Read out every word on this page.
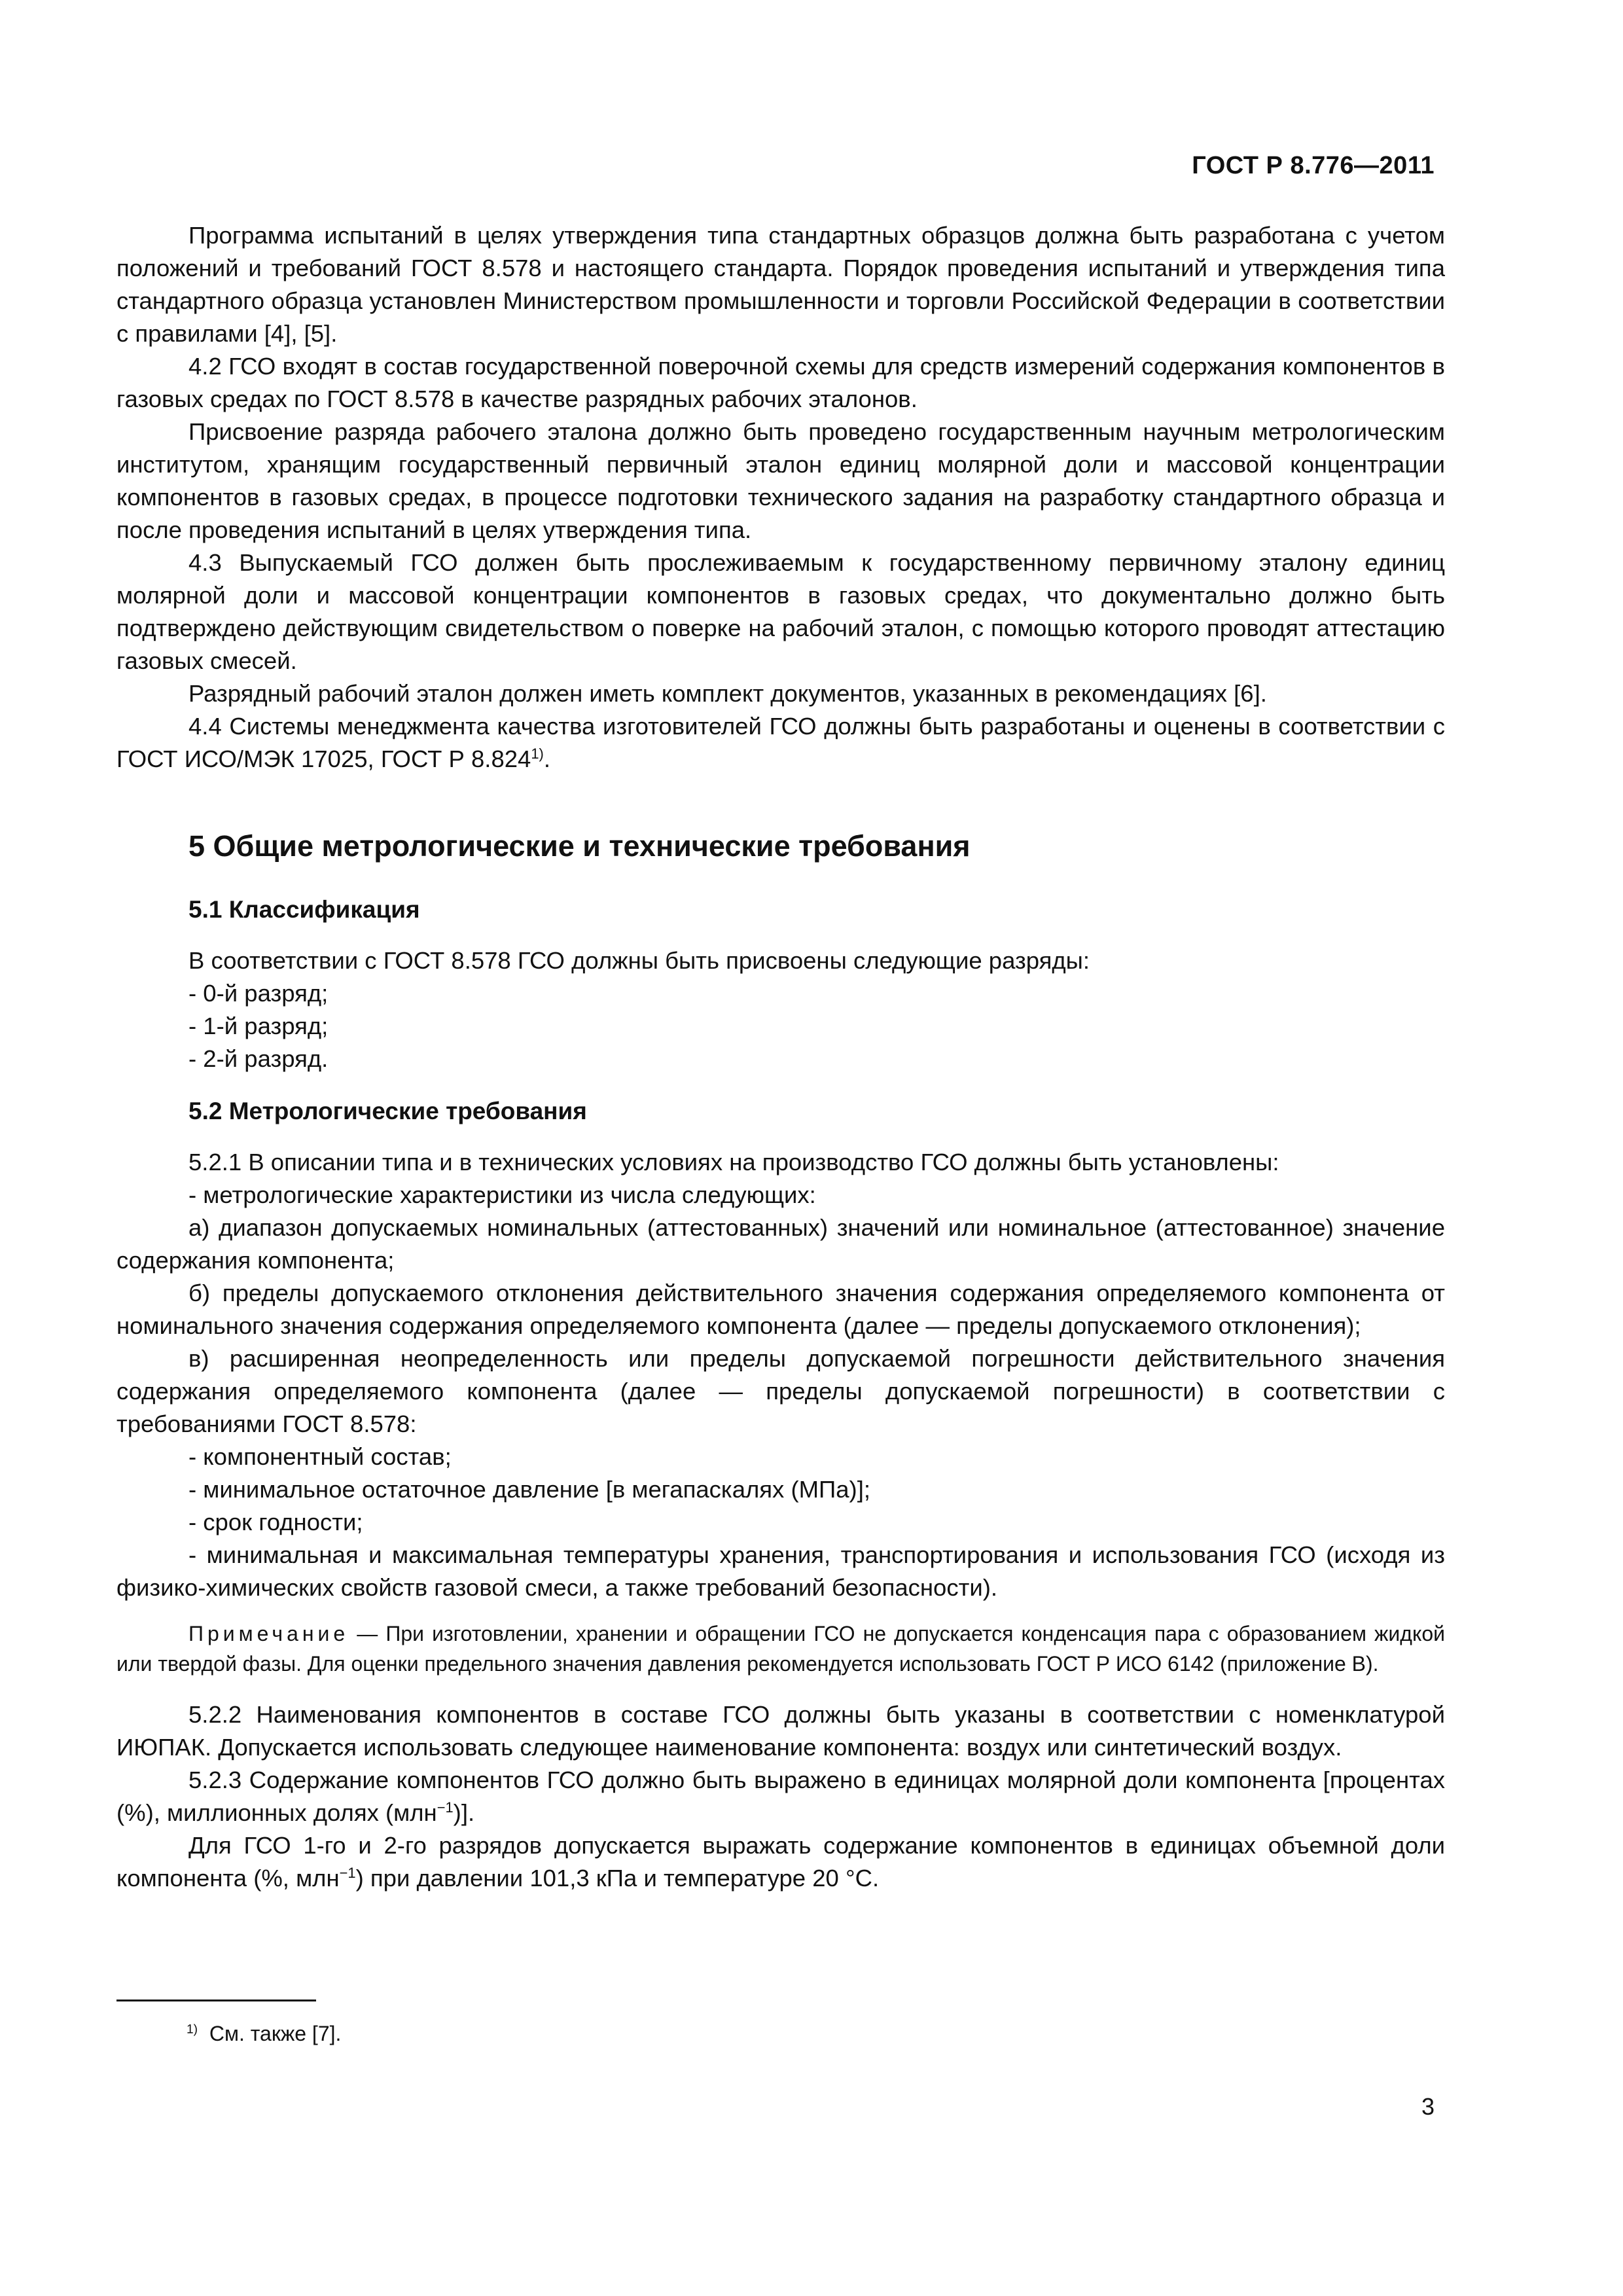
ГОСТ Р 8.776—2011

Программа испытаний в целях утверждения типа стандартных образцов должна быть разработана с учетом положений и требований ГОСТ 8.578 и настоящего стандарта. Порядок проведения испытаний и утверждения типа стандартного образца установлен Министерством промышленности и торговли Российской Федерации в соответствии с правилами [4], [5].

4.2 ГСО входят в состав государственной поверочной схемы для средств измерений содержания компонентов в газовых средах по ГОСТ 8.578 в качестве разрядных рабочих эталонов.

Присвоение разряда рабочего эталона должно быть проведено государственным научным метрологическим институтом, хранящим государственный первичный эталон единиц молярной доли и массовой концентрации компонентов в газовых средах, в процессе подготовки технического задания на разработку стандартного образца и после проведения испытаний в целях утверждения типа.

4.3 Выпускаемый ГСО должен быть прослеживаемым к государственному первичному эталону единиц молярной доли и массовой концентрации компонентов в газовых средах, что документально должно быть подтверждено действующим свидетельством о поверке на рабочий эталон, с помощью которого проводят аттестацию газовых смесей.

Разрядный рабочий эталон должен иметь комплект документов, указанных в рекомендациях [6].

4.4 Системы менеджмента качества изготовителей ГСО должны быть разработаны и оценены в соответствии с ГОСТ ИСО/МЭК 17025, ГОСТ Р 8.824$^{1)}$.

5 Общие метрологические и технические требования
5.1 Классификация

В соответствии с ГОСТ 8.578 ГСО должны быть присвоены следующие разряды:

- 0-й разряд;

- 1-й разряд;

- 2-й разряд.

5.2 Метрологические требования

5.2.1 В описании типа и в технических условиях на производство ГСО должны быть установлены:

- метрологические характеристики из числа следующих:

а) диапазон допускаемых номинальных (аттестованных) значений или номинальное (аттестованное) значение содержания компонента;

б) пределы допускаемого отклонения действительного значения содержания определяемого компонента от номинального значения содержания определяемого компонента (далее — пределы допускаемого отклонения);

в) расширенная неопределенность или пределы допускаемой погрешности действительного значения содержания определяемого компонента (далее — пределы допускаемой погрешности) в соответствии с требованиями ГОСТ 8.578:

- компонентный состав;

- минимальное остаточное давление [в мегапаскалях (МПа)];

- срок годности;

- минимальная и максимальная температуры хранения, транспортирования и использования ГСО (исходя из физико-химических свойств газовой смеси, а также требований безопасности).

Примечание — При изготовлении, хранении и обращении ГСО не допускается конденсация пара с образованием жидкой или твердой фазы. Для оценки предельного значения давления рекомендуется использовать ГОСТ Р ИСО 6142 (приложение В).

5.2.2 Наименования компонентов в составе ГСО должны быть указаны в соответствии с номенклатурой ИЮПАК. Допускается использовать следующее наименование компонента: воздух или синтетический воздух.

5.2.3 Содержание компонентов ГСО должно быть выражено в единицах молярной доли компонента [процентах (%), миллионных долях (млн$^{-1}$)].

Для ГСО 1-го и 2-го разрядов допускается выражать содержание компонентов в единицах объемной доли компонента (%, млн$^{-1}$) при давлении 101,3 кПа и температуре 20 °С.

$^{1)}$ См. также [7].
3
